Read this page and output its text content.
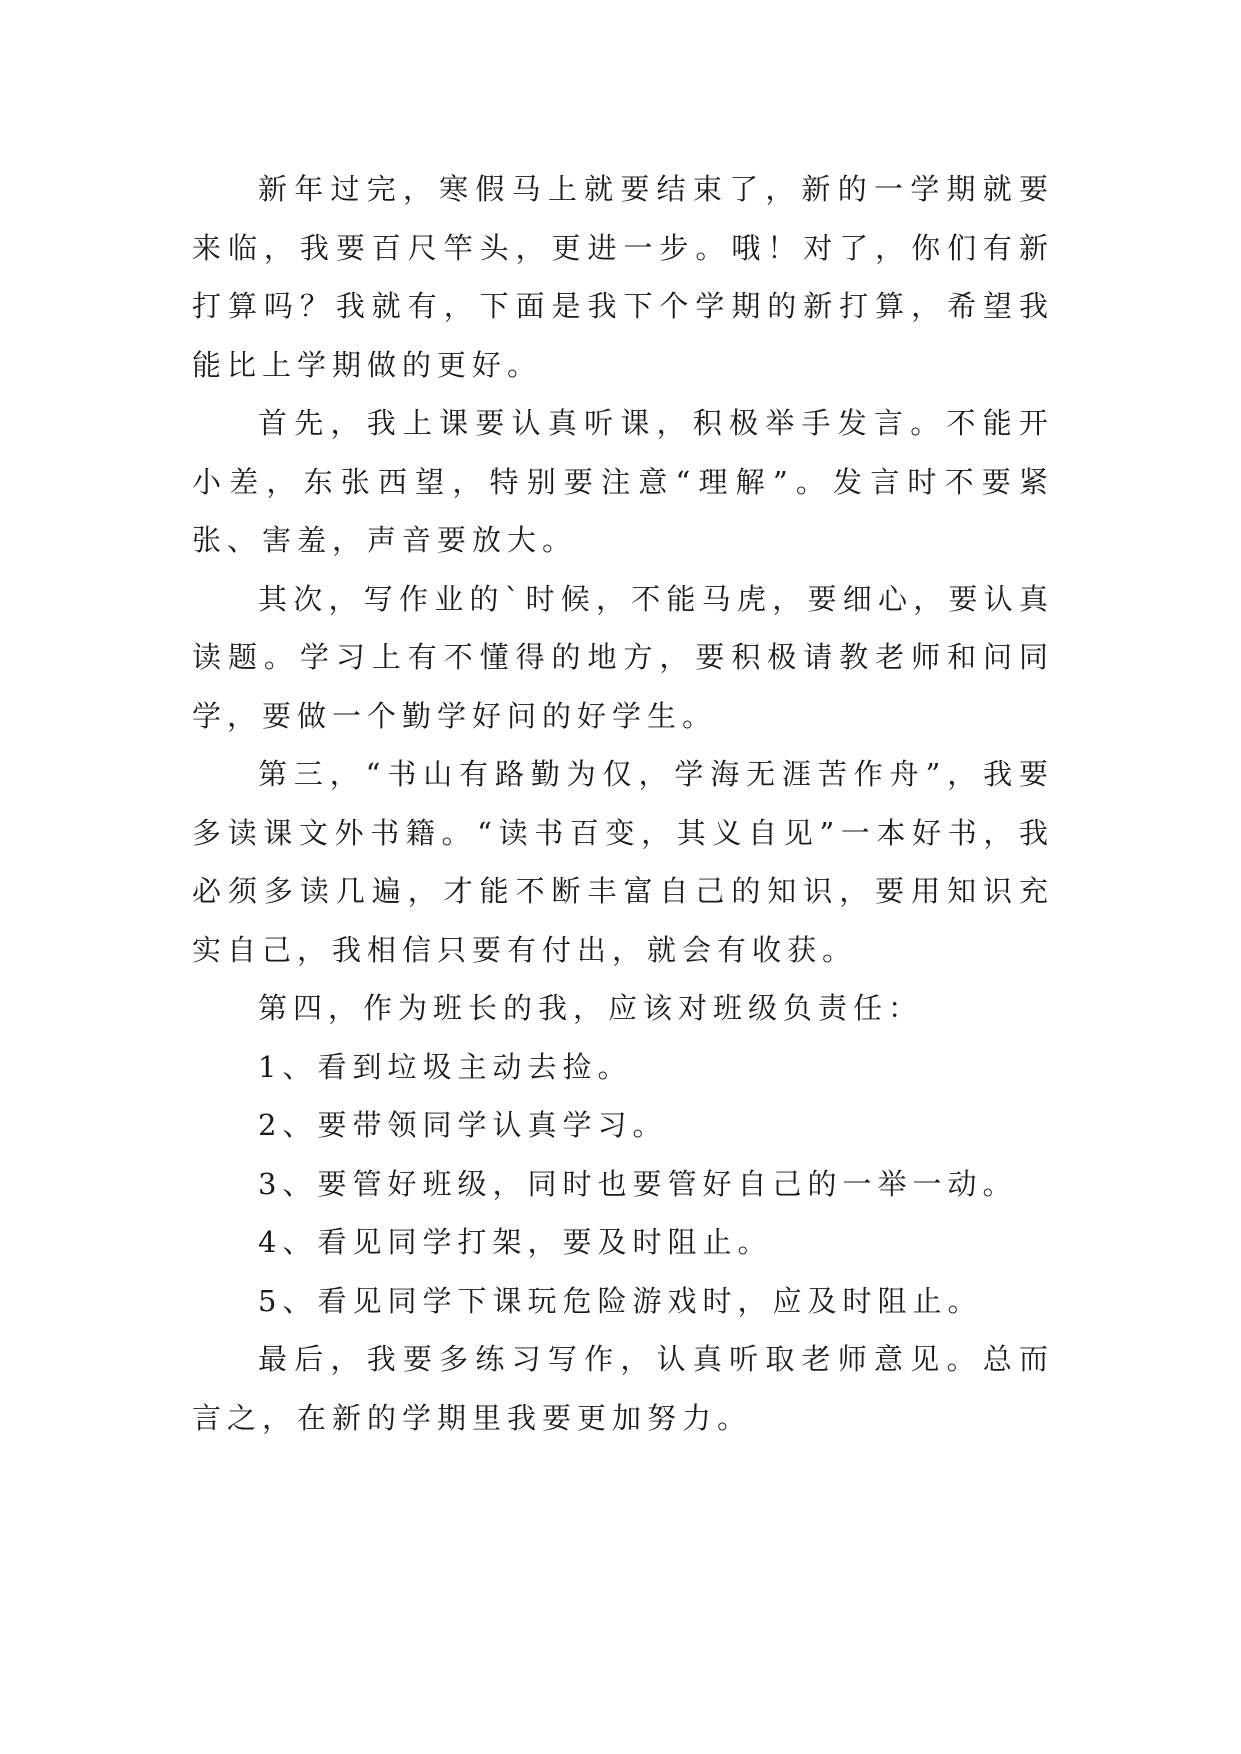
新年过完，寒假马上就要结束了，新的一学期就要来临，我要百尺竿头，更进一步。哦！对了，你们有新打算吗？我就有，下面是我下个学期的新打算，希望我能比上学期做的更好。

首先，我上课要认真听课，积极举手发言。不能开小差，东张西望，特别要注意“理解”。发言时不要紧张、害羞，声音要放大。

其次，写作业的`时候，不能马虎，要细心，要认真读题。学习上有不懂得的地方，要积极请教老师和问同学，要做一个勤学好问的好学生。

第三，“书山有路勤为仅，学海无涯苦作舟”，我要多读课文外书籍。“读书百变，其义自见”一本好书，我必须多读几遍，才能不断丰富自己的知识，要用知识充实自己，我相信只要有付出，就会有收获。

第四，作为班长的我，应该对班级负责任：

1、看到垃圾主动去捡。

2、要带领同学认真学习。

3、要管好班级，同时也要管好自己的一举一动。

4、看见同学打架，要及时阻止。

5、看见同学下课玩危险游戏时，应及时阻止。

最后，我要多练习写作，认真听取老师意见。总而言之，在新的学期里我要更加努力。
